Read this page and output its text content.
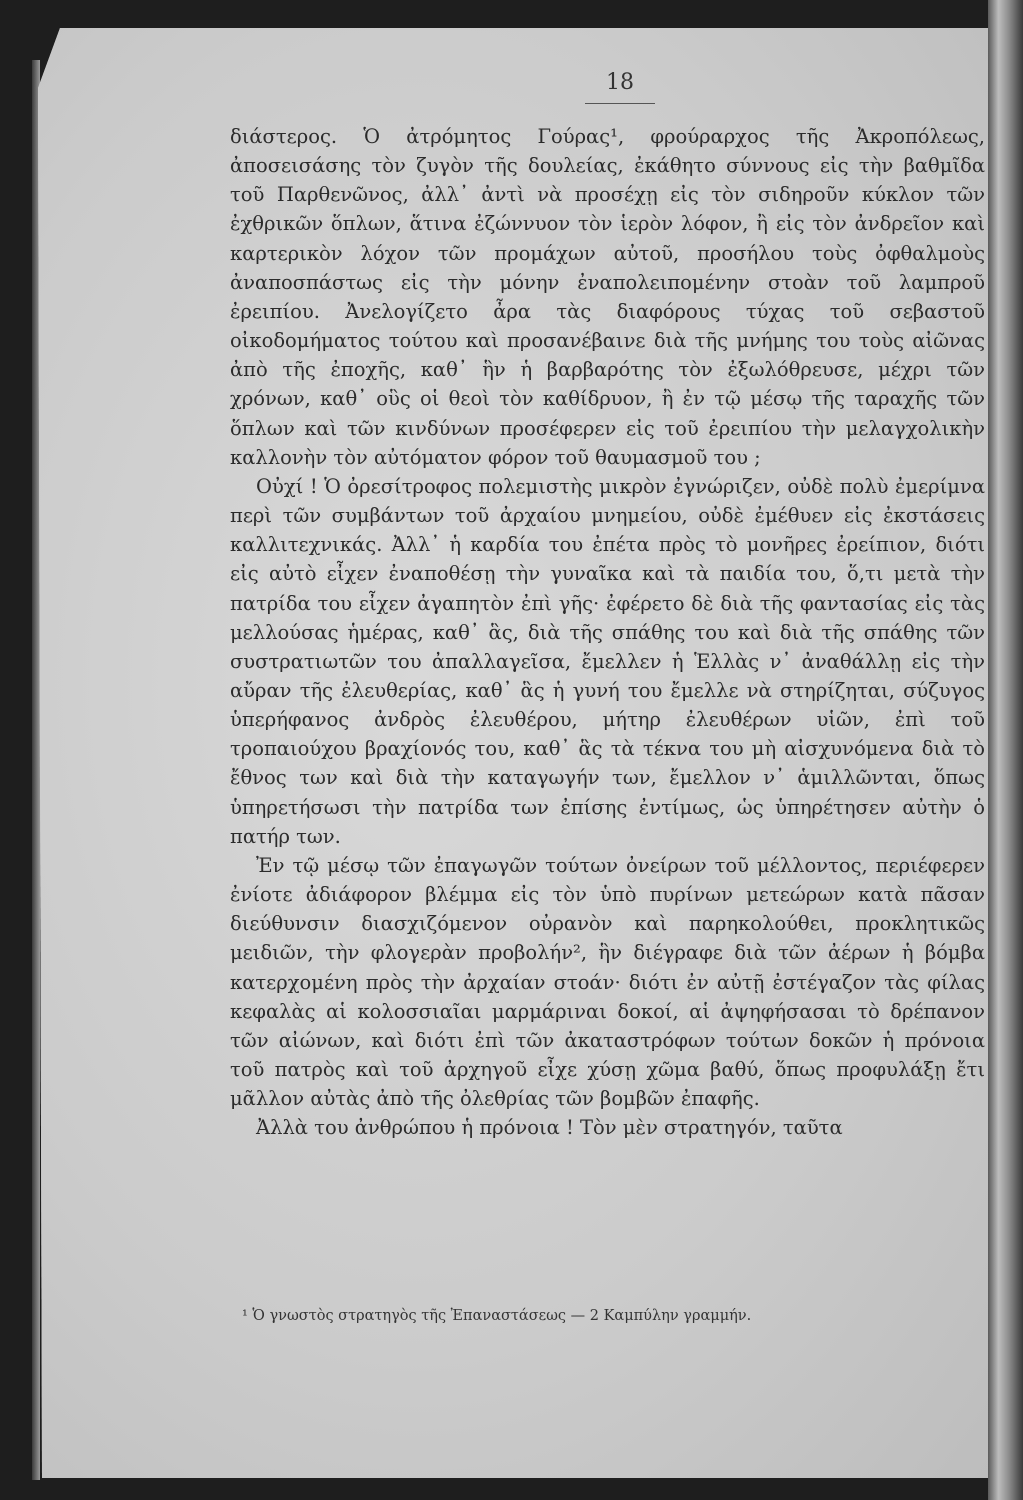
18

διάστερος. Ὁ ἀτρόμητος Γούρας¹, φρούραρχος τῆς Ἀκροπόλεως, ἀποσεισάσης τὸν ζυγὸν τῆς δουλείας, ἐκάθητο σύννους εἰς τὴν βαθμῖδα τοῦ Παρθενῶνος, ἀλλ᾿ ἀντὶ νὰ προσέχῃ εἰς τὸν σιδηροῦν κύκλον τῶν ἐχθρικῶν ὅπλων, ἅτινα ἐζώννυον τὸν ἱερὸν λόφον, ἢ εἰς τὸν ἀνδρεῖον καὶ καρτερικὸν λόχον τῶν προμάχων αὐτοῦ, προσήλου τοὺς ὀφθαλμοὺς ἀναποσπάστως εἰς τὴν μόνην ἐναπολειπομένην στοὰν τοῦ λαμπροῦ ἐρειπίου. Ἀνελογίζετο ἆρα τὰς διαφόρους τύχας τοῦ σεβαστοῦ οἰκοδομήματος τούτου καὶ προσανέβαινε διὰ τῆς μνήμης του τοὺς αἰῶνας ἀπὸ τῆς ἐποχῆς, καθ᾿ ἣν ἡ βαρβαρότης τὸν ἐξωλόθρευσε, μέχρι τῶν χρόνων, καθ᾿ οὓς οἱ θεοὶ τὸν καθίδρυον, ἢ ἐν τῷ μέσῳ τῆς ταραχῆς τῶν ὅπλων καὶ τῶν κινδύνων προσέφερεν εἰς τοῦ ἐρειπίου τὴν μελαγχολικὴν καλλονὴν τὸν αὐτόματον φόρον τοῦ θαυμασμοῦ του ;

Οὐχί ! Ὁ ὀρεσίτροφος πολεμιστὴς μικρὸν ἐγνώριζεν, οὐδὲ πολὺ ἐμερίμνα περὶ τῶν συμβάντων τοῦ ἀρχαίου μνημείου, οὐδὲ ἐμέθυεν εἰς ἐκστάσεις καλλιτεχνικάς. Ἀλλ᾿ ἡ καρδία του ἐπέτα πρὸς τὸ μονῆρες ἐρείπιον, διότι εἰς αὐτὸ εἶχεν ἐναποθέσῃ τὴν γυναῖκα καὶ τὰ παιδία του, ὅ,τι μετὰ τὴν πατρίδα του εἶχεν ἀγαπητὸν ἐπὶ γῆς· ἐφέρετο δὲ διὰ τῆς φαντασίας εἰς τὰς μελλούσας ἡμέρας, καθ᾿ ἃς, διὰ τῆς σπάθης του καὶ διὰ τῆς σπάθης τῶν συστρατιωτῶν του ἀπαλλαγεῖσα, ἔμελλεν ἡ Ἑλλὰς ν᾿ ἀναθάλλῃ εἰς τὴν αὔραν τῆς ἐλευθερίας, καθ᾿ ἃς ἡ γυνή του ἔμελλε νὰ στηρίζηται, σύζυγος ὑπερήφανος ἀνδρὸς ἐλευθέρου, μήτηρ ἐλευθέρων υἱῶν, ἐπὶ τοῦ τροπαιούχου βραχίονός του, καθ᾿ ἃς τὰ τέκνα του μὴ αἰσχυνόμενα διὰ τὸ ἔθνος των καὶ διὰ τὴν καταγωγήν των, ἔμελλον ν᾿ ἁμιλλῶνται, ὅπως ὑπηρετήσωσι τὴν πατρίδα των ἐπίσης ἐντίμως, ὡς ὑπηρέτησεν αὐτὴν ὁ πατήρ των.

Ἐν τῷ μέσῳ τῶν ἐπαγωγῶν τούτων ὀνείρων τοῦ μέλλοντος, περιέφερεν ἐνίοτε ἀδιάφορον βλέμμα εἰς τὸν ὑπὸ πυρίνων μετεώρων κατὰ πᾶσαν διεύθυνσιν διασχιζόμενον οὐρανὸν καὶ παρηκολούθει, προκλητικῶς μειδιῶν, τὴν φλογερὰν προβολήν², ἣν διέγραφε διὰ τῶν ἀέρων ἡ βόμβα κατερχομένη πρὸς τὴν ἀρχαίαν στοάν· διότι ἐν αὐτῇ ἐστέγαζον τὰς φίλας κεφαλὰς αἱ κολοσσιαῖαι μαρμάριναι δοκοί, αἱ ἀψηφήσασαι τὸ δρέπανον τῶν αἰώνων, καὶ διότι ἐπὶ τῶν ἀκαταστρόφων τούτων δοκῶν ἡ πρόνοια τοῦ πατρὸς καὶ τοῦ ἀρχηγοῦ εἶχε χύσῃ χῶμα βαθύ, ὅπως προφυλάξῃ ἔτι μᾶλλον αὐτὰς ἀπὸ τῆς ὀλεθρίας τῶν βομβῶν ἐπαφῆς.

Ἀλλὰ του ἀνθρώπου ἡ πρόνοια ! Τὸν μὲν στρατηγόν, ταῦτα

¹ Ὁ γνωστὸς στρατηγὸς τῆς Ἐπαναστάσεως — 2 Καμπύλην γραμμήν.
